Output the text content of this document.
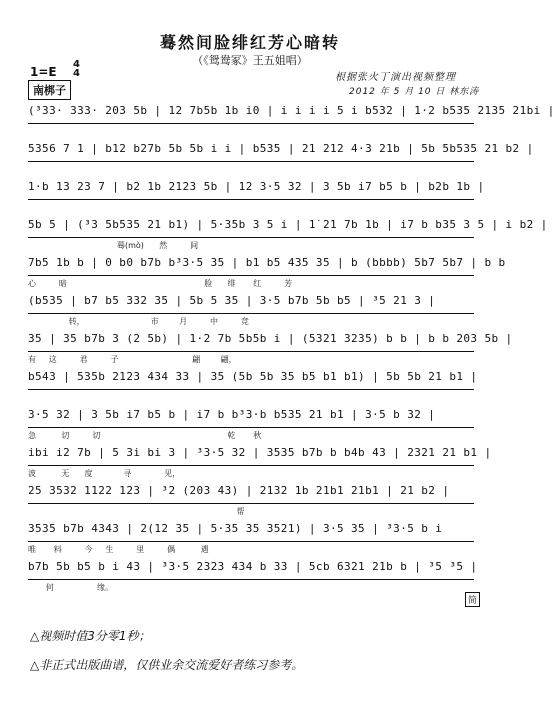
蓦然间脸绯红芳心暗转
（《鸳鸯冢》王五姐唱）
1=E
4
4
南梆子
根据张火丁演出视频整理
2012 年 5 月 10 日 林东涛
(³33· 3̇33· 203 5b | 12 7b5b 1b i0 | i i i i 5 i b532 | 1·2 b535 2135 21bi |
5356 7 1 | b12 b27b 5b 5b i i | b535 | 21 212 4·3 21b | 5b 5b535 21 b2 |
1·b 13 23 7 | b2 1b 2123 5b | 12 3·5 32 | 3 5b i7 b5 b | b2b 1b |
5b 5 | (³3 5b535 21 b1) | 5·35b 3 5 i | 1̇ 2̇1 7b 1b | i7 b b35 3 5 | i b2 |
蓦(mò)      然         间
7b5 1b b | 0 b0 b7b b³3·5 35 | b1 b5 435 35 | b (bbbb) 5b7 5b7 | b b
心         暗                                                      脸      绯       红         芳
(b535 | b7 b5 332 35 | 5b 5 35 | 3·5 b7b 5b b5 | ³5 21 3 |
转，                          市        月         中         竞
35 | 35 b7b 3 (2 5b) | 1·2 7b 5b5b i | (5321 3235) b b | b b 203 5b |
有     这         君         子                             翩        翩，
b543 | 535b 2123 434 33 | 35 (5b 5b 35 b5 b1 b1) | 5b 5b 21 b1 |
3·5 32 | 3 5b i7 b5 b | i7 b b³3·b b535 21 b1 | 3·5 b 32 |
急          切         切                                                  乾       秋
ibi i2 7b | 5 3i bi 3 | ³3·5 32 | 3535 b7b b b4b 43 | 2321 21 b1 |
波          无      度            寻             见，
25 3532 1122 123 | ³2 (203 43) | 2132 1b 21b1 21b1 | 21 b2 |
帮
3535 b7b 4343 | 2(12 35 | 5·35 35 3521) | 3·5 35 | ³3·5 b i
唯       料         今     生         里         偶          遇
b7b 5b b5 b i 43 | ³3·5 2323 434 b 33 | 5cb 6321 21b b | ³5 ³5 |
何                 缘。
△视频时值3分零1秒；
△非正式出版曲谱，仅供业余交流爱好者练习参考。
简
